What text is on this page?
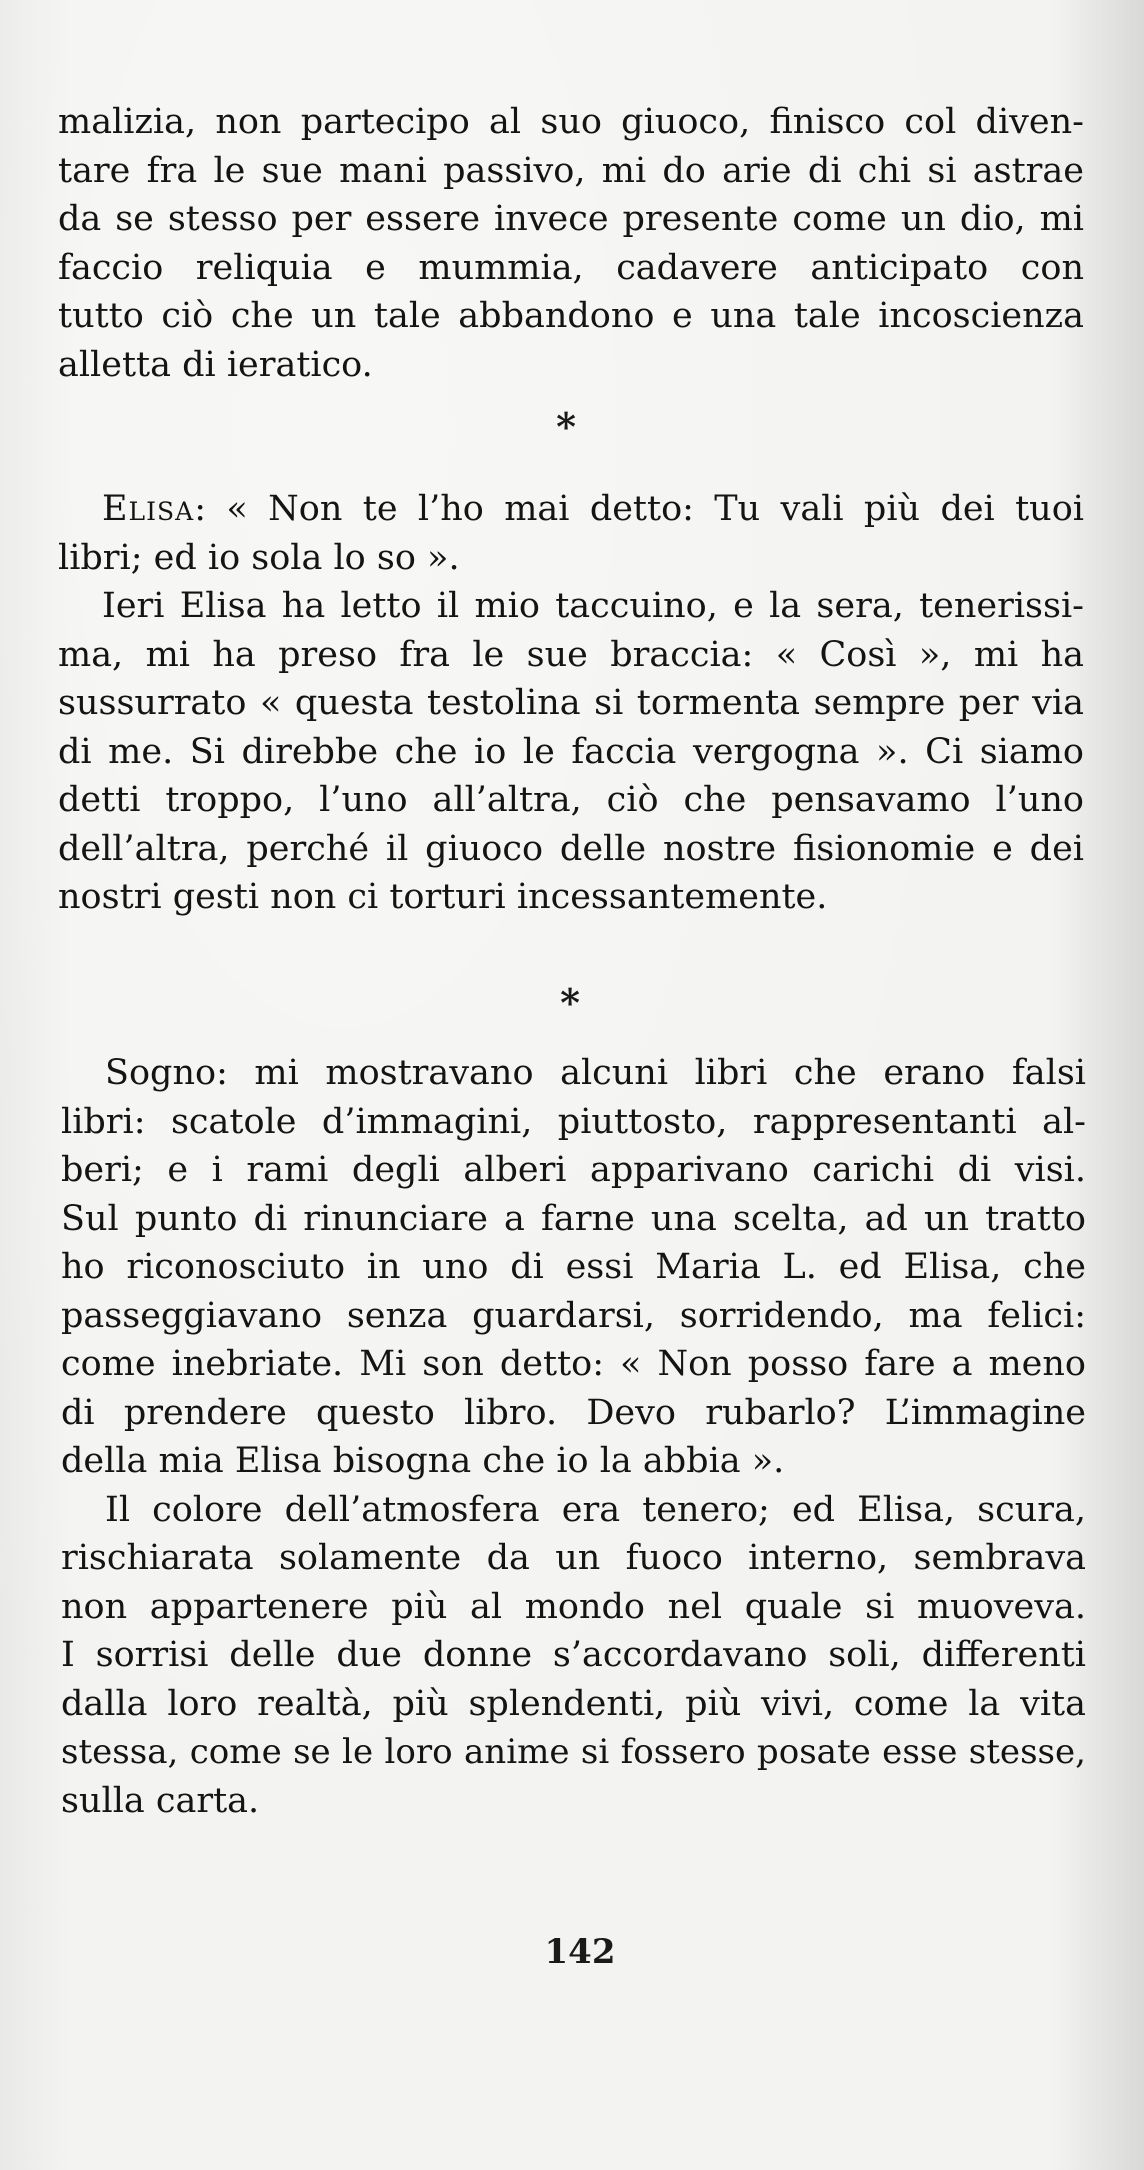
malizia, non partecipo al suo giuoco, finisco col diven-
tare fra le sue mani passivo, mi do arie di chi si astrae
da se stesso per essere invece presente come un dio, mi
faccio reliquia e mummia, cadavere anticipato con
tutto ciò che un tale abbandono e una tale incoscienza
alletta di ieratico.
*
Elisa: « Non te l’ho mai detto: Tu vali più dei tuoi
libri; ed io sola lo so ».
Ieri Elisa ha letto il mio taccuino, e la sera, tenerissi-
ma, mi ha preso fra le sue braccia: « Così », mi ha
sussurrato « questa testolina si tormenta sempre per via
di me. Si direbbe che io le faccia vergogna ». Ci siamo
detti troppo, l’uno all’altra, ciò che pensavamo l’uno
dell’altra, perché il giuoco delle nostre fisionomie e dei
nostri gesti non ci torturi incessantemente.
*
Sogno: mi mostravano alcuni libri che erano falsi
libri: scatole d’immagini, piuttosto, rappresentanti al-
beri; e i rami degli alberi apparivano carichi di visi.
Sul punto di rinunciare a farne una scelta, ad un tratto
ho riconosciuto in uno di essi Maria L. ed Elisa, che
passeggiavano senza guardarsi, sorridendo, ma felici:
come inebriate. Mi son detto: « Non posso fare a meno
di prendere questo libro. Devo rubarlo? L’immagine
della mia Elisa bisogna che io la abbia ».
Il colore dell’atmosfera era tenero; ed Elisa, scura,
rischiarata solamente da un fuoco interno, sembrava
non appartenere più al mondo nel quale si muoveva.
I sorrisi delle due donne s’accordavano soli, differenti
dalla loro realtà, più splendenti, più vivi, come la vita
stessa, come se le loro anime si fossero posate esse stesse,
sulla carta.
142
